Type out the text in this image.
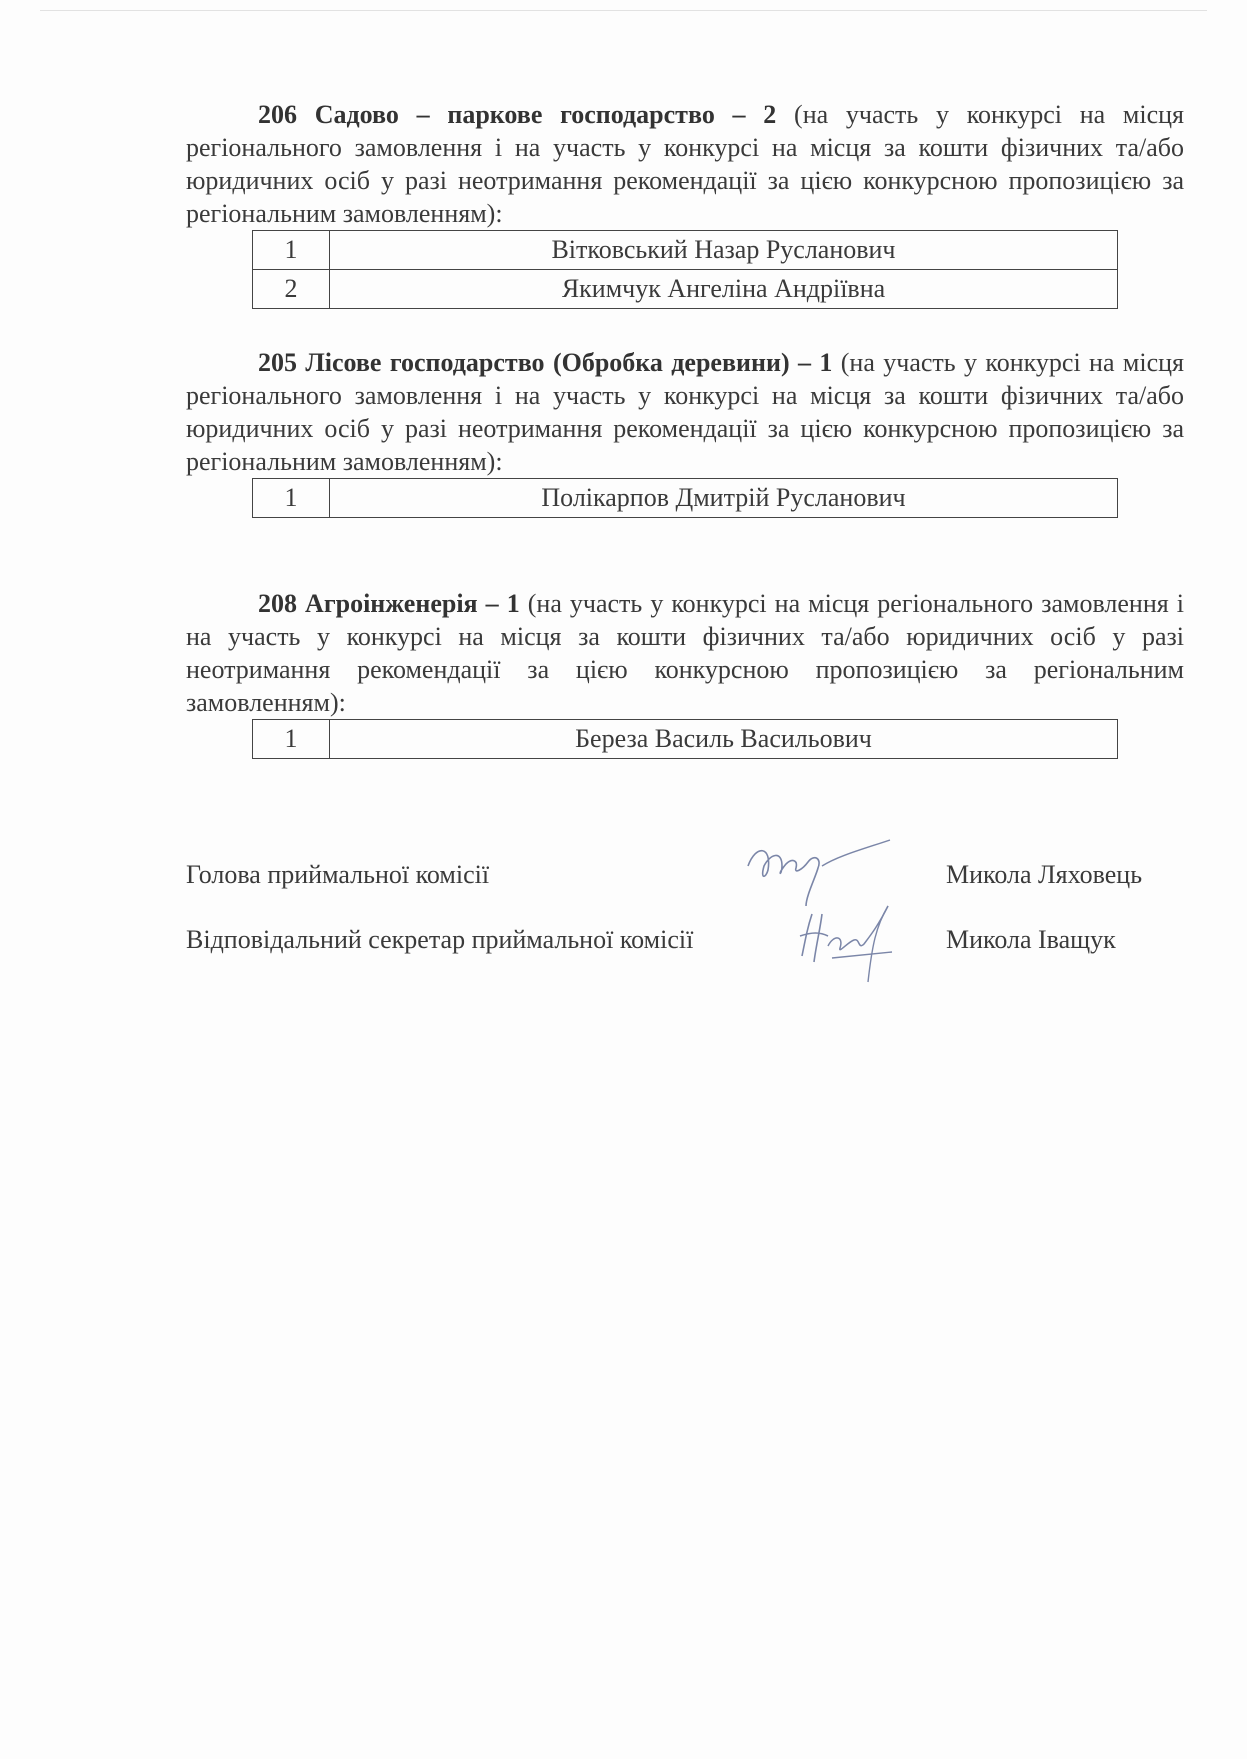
206 Садово – паркове господарство – 2 (на участь у конкурсі на місця регіонального замовлення і на участь у конкурсі на місця за кошти фізичних та/або юридичних осіб у разі неотримання рекомендації за цією конкурсною пропозицією за регіональним замовленням):

1	Вітковський Назар Русланович
2	Якимчук Ангеліна Андріївна

205 Лісове господарство (Обробка деревини) – 1 (на участь у конкурсі на місця регіонального замовлення і на участь у конкурсі на місця за кошти фізичних та/або юридичних осіб у разі неотримання рекомендації за цією конкурсною пропозицією за регіональним замовленням):

1	Полікарпов Дмитрій Русланович

208 Агроінженерія – 1 (на участь у конкурсі на місця регіонального замовлення і на участь у конкурсі на місця за кошти фізичних та/або юридичних осіб у разі неотримання рекомендації за цією конкурсною пропозицією за регіональним замовленням):

1	Береза Василь Васильович
Голова приймальної комісії	Микола Ляховець
Відповідальний секретар приймальної комісії	Микола Іващук
